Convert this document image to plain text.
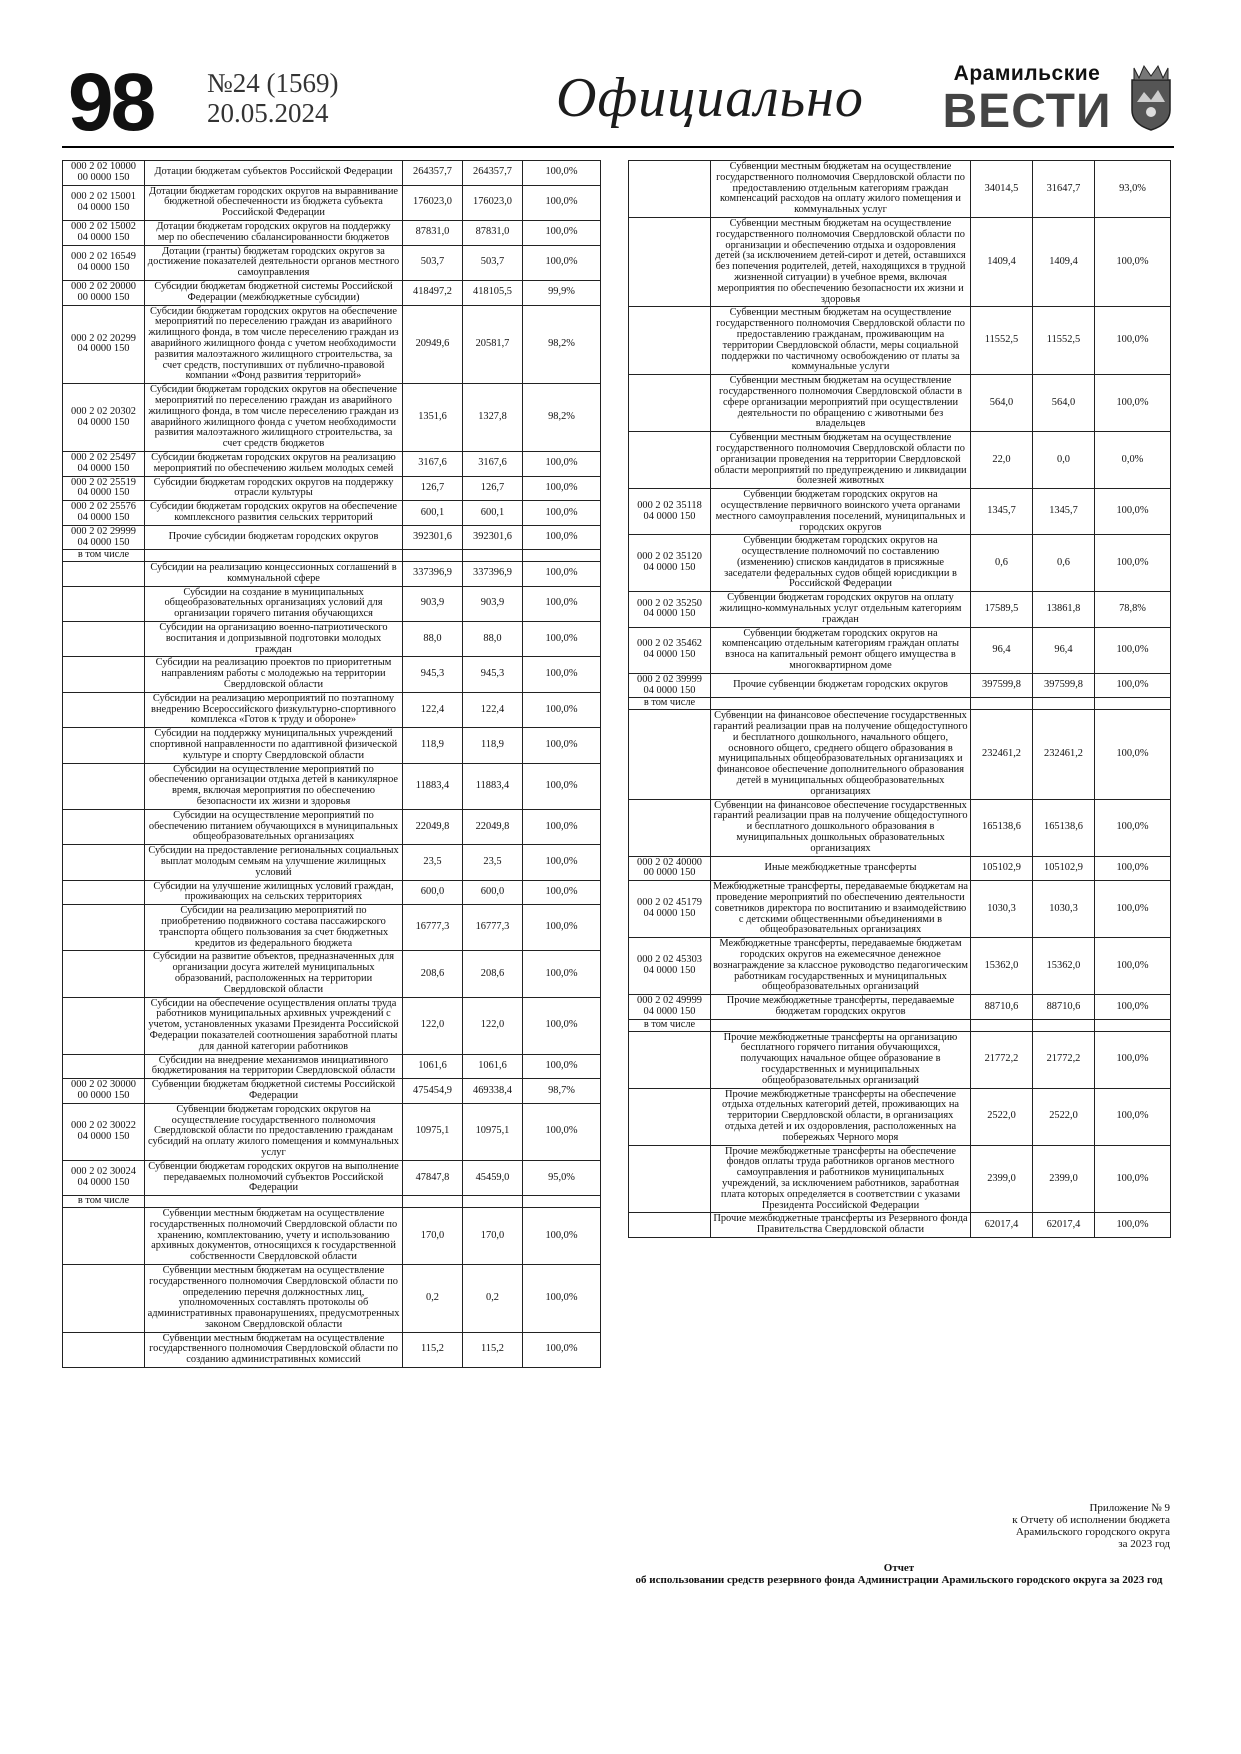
98 №24 (1569)
20.05.2024	Официально	Арамильские
ВЕСТИ
000 2 02 10000
00 0000 150	Дотации бюджетам субъектов Российской Федерации	264357,7	264357,7	100,0%
000 2 02 15001
04 0000 150	Дотации бюджетам городских округов на выравнивание бюджетной обеспеченности из бюджета субъекта Российской Федерации	176023,0	176023,0	100,0%
000 2 02 15002
04 0000 150	Дотации бюджетам городских округов на поддержку мер по обеспечению сбалансированности бюджетов	87831,0	87831,0	100,0%
000 2 02 16549
04 0000 150	Дотации (гранты) бюджетам городских округов за достижение показателей деятельности органов местного самоуправления	503,7	503,7	100,0%
000 2 02 20000
00 0000 150	Субсидии бюджетам бюджетной системы Российской Федерации (межбюджетные субсидии)	418497,2	418105,5	99,9%
000 2 02 20299
04 0000 150	Субсидии бюджетам городских округов на обеспечение мероприятий по переселению граждан из аварийного жилищного фонда, в том числе переселению граждан из аварийного жилищного фонда с учетом необходимости развития малоэтажного жилищного строительства, за счет средств, поступивших от публично-правовой компании «Фонд развития территорий»	20949,6	20581,7	98,2%
000 2 02 20302
04 0000 150	Субсидии бюджетам городских округов на обеспечение мероприятий по переселению граждан из аварийного жилищного фонда, в том числе переселению граждан из аварийного жилищного фонда с учетом необходимости развития малоэтажного жилищного строительства, за счет средств бюджетов	1351,6	1327,8	98,2%
000 2 02 25497
04 0000 150	Субсидии бюджетам городских округов на реализацию мероприятий по обеспечению жильем молодых семей	3167,6	3167,6	100,0%
000 2 02 25519
04 0000 150	Субсидии бюджетам городских округов на поддержку отрасли культуры	126,7	126,7	100,0%
000 2 02 25576
04 0000 150	Субсидии бюджетам городских округов на обеспечение комплексного развития сельских территорий	600,1	600,1	100,0%
000 2 02 29999
04 0000 150	Прочие субсидии бюджетам городских округов	392301,6	392301,6	100,0%
в том числе				
	Субсидии на реализацию концессионных соглашений в коммунальной сфере	337396,9	337396,9	100,0%
	Субсидии на создание в муниципальных общеобразовательных организациях условий для организации горячего питания обучающихся	903,9	903,9	100,0%
	Субсидии на организацию военно-патриотического воспитания и допризывной подготовки молодых граждан	88,0	88,0	100,0%
	Субсидии на реализацию проектов по приоритетным направлениям работы с молодежью на территории Свердловской области	945,3	945,3	100,0%
	Субсидии на реализацию мероприятий по поэтапному внедрению Всероссийского физкультурно-спортивного комплекса «Готов к труду и обороне»	122,4	122,4	100,0%
	Субсидии на поддержку муниципальных учреждений спортивной направленности по адаптивной физической культуре и спорту Свердловской области	118,9	118,9	100,0%
	Субсидии на осуществление мероприятий по обеспечению организации отдыха детей в каникулярное время, включая мероприятия по обеспечению безопасности их жизни и здоровья	11883,4	11883,4	100,0%
	Субсидии на осуществление мероприятий по обеспечению питанием обучающихся в муниципальных общеобразовательных организациях	22049,8	22049,8	100,0%
	Субсидии на предоставление региональных социальных выплат молодым семьям на улучшение жилищных условий	23,5	23,5	100,0%
	Субсидии на улучшение жилищных условий граждан, проживающих на сельских территориях	600,0	600,0	100,0%
	Субсидии на реализацию мероприятий по приобретению подвижного состава пассажирского транспорта общего пользования за счет бюджетных кредитов из федерального бюджета	16777,3	16777,3	100,0%
	Субсидии на развитие объектов, предназначенных для организации досуга жителей муниципальных образований, расположенных на территории Свердловской области	208,6	208,6	100,0%
	Субсидии на обеспечение осуществления оплаты труда работников муниципальных архивных учреждений с учетом, установленных указами Президента Российской Федерации показателей соотношения заработной платы для данной категории работников	122,0	122,0	100,0%
	Субсидии на внедрение механизмов инициативного бюджетирования на территории Свердловской области	1061,6	1061,6	100,0%
000 2 02 30000
00 0000 150	Субвенции бюджетам бюджетной системы Российской Федерации	475454,9	469338,4	98,7%
000 2 02 30022
04 0000 150	Субвенции бюджетам городских округов на осуществление государственного полномочия Свердловской области по предоставлению гражданам субсидий на оплату жилого помещения и коммунальных услуг	10975,1	10975,1	100,0%
000 2 02 30024
04 0000 150	Субвенции бюджетам городских округов на выполнение передаваемых полномочий субъектов Российской Федерации	47847,8	45459,0	95,0%
в том числе				
	Субвенции местным бюджетам на осуществление государственных полномочий Свердловской области по хранению, комплектованию, учету и использованию архивных документов, относящихся к государственной собственности Свердловской области	170,0	170,0	100,0%
	Субвенции местным бюджетам на осуществление государственного полномочия Свердловской области по определению перечня должностных лиц, уполномоченных составлять протоколы об административных правонарушениях, предусмотренных законом Свердловской области	0,2	0,2	100,0%
	Субвенции местным бюджетам на осуществление государственного полномочия Свердловской области по созданию административных комиссий	115,2	115,2	100,0%
	Субвенции местным бюджетам на осуществление государственного полномочия Свердловской области по предоставлению отдельным категориям граждан компенсаций расходов на оплату жилого помещения и коммунальных услуг	34014,5	31647,7	93,0%
	Субвенции местным бюджетам на осуществление государственного полномочия Свердловской области по организации и обеспечению отдыха и оздоровления детей (за исключением детей-сирот и детей, оставшихся без попечения родителей, детей, находящихся в трудной жизненной ситуации) в учебное время, включая мероприятия по обеспечению безопасности их жизни и здоровья	1409,4	1409,4	100,0%
	Субвенции местным бюджетам на осуществление государственного полномочия Свердловской области по предоставлению гражданам, проживающим на территории Свердловской области, меры социальной поддержки по частичному освобождению от платы за коммунальные услуги	11552,5	11552,5	100,0%
	Субвенции местным бюджетам на осуществление государственного полномочия Свердловской области в сфере организации мероприятий при осуществлении деятельности по обращению с животными без владельцев	564,0	564,0	100,0%
	Субвенции местным бюджетам на осуществление государственного полномочия Свердловской области по организации проведения на территории Свердловской области мероприятий по предупреждению и ликвидации болезней животных	22,0	0,0	0,0%
000 2 02 35118
04 0000 150	Субвенции бюджетам городских округов на осуществление первичного воинского учета органами местного самоуправления поселений, муниципальных и городских округов	1345,7	1345,7	100,0%
000 2 02 35120
04 0000 150	Субвенции бюджетам городских округов на осуществление полномочий по составлению (изменению) списков кандидатов в присяжные заседатели федеральных судов общей юрисдикции в Российской Федерации	0,6	0,6	100,0%
000 2 02 35250
04 0000 150	Субвенции бюджетам городских округов на оплату жилищно-коммунальных услуг отдельным категориям граждан	17589,5	13861,8	78,8%
000 2 02 35462
04 0000 150	Субвенции бюджетам городских округов на компенсацию отдельным категориям граждан оплаты взноса на капитальный ремонт общего имущества в многоквартирном доме	96,4	96,4	100,0%
000 2 02 39999
04 0000 150	Прочие субвенции бюджетам городских округов	397599,8	397599,8	100,0%
в том числе				
	Субвенции на финансовое обеспечение государственных гарантий реализации прав на получение общедоступного и бесплатного дошкольного, начального общего, основного общего, среднего общего образования в муниципальных общеобразовательных организациях и финансовое обеспечение дополнительного образования детей в муниципальных общеобразовательных организациях	232461,2	232461,2	100,0%
	Субвенции на финансовое обеспечение государственных гарантий реализации прав на получение общедоступного и бесплатного дошкольного образования в муниципальных дошкольных образовательных организациях	165138,6	165138,6	100,0%
000 2 02 40000
00 0000 150	Иные межбюджетные трансферты	105102,9	105102,9	100,0%
000 2 02 45179
04 0000 150	Межбюджетные трансферты, передаваемые бюджетам на проведение мероприятий по обеспечению деятельности советников директора по воспитанию и взаимодействию с детскими общественными объединениями в общеобразовательных организациях	1030,3	1030,3	100,0%
000 2 02 45303
04 0000 150	Межбюджетные трансферты, передаваемые бюджетам городских округов на ежемесячное денежное вознаграждение за классное руководство педагогическим работникам государственных и муниципальных общеобразовательных организаций	15362,0	15362,0	100,0%
000 2 02 49999
04 0000 150	Прочие межбюджетные трансферты, передаваемые бюджетам городских округов	88710,6	88710,6	100,0%
в том числе				
	Прочие межбюджетные трансферты на организацию бесплатного горячего питания обучающихся, получающих начальное общее образование в государственных и муниципальных общеобразовательных организаций	21772,2	21772,2	100,0%
	Прочие межбюджетные трансферты на обеспечение отдыха отдельных категорий детей, проживающих на территории Свердловской области, в организациях отдыха детей и их оздоровления, расположенных на побережьях Черного моря	2522,0	2522,0	100,0%
	Прочие межбюджетные трансферты на обеспечение фондов оплаты труда работников органов местного самоуправления и работников муниципальных учреждений, за исключением работников, заработная плата которых определяется в соответствии с указами Президента Российской Федерации	2399,0	2399,0	100,0%
	Прочие межбюджетные трансферты из Резервного фонда Правительства Свердловской области	62017,4	62017,4	100,0%
Приложение № 9
к Отчету об исполнении бюджета
Арамильского городского округа
за 2023 год
Отчет
об использовании средств резервного фонда Администрации Арамильского городского округа за 2023 год
